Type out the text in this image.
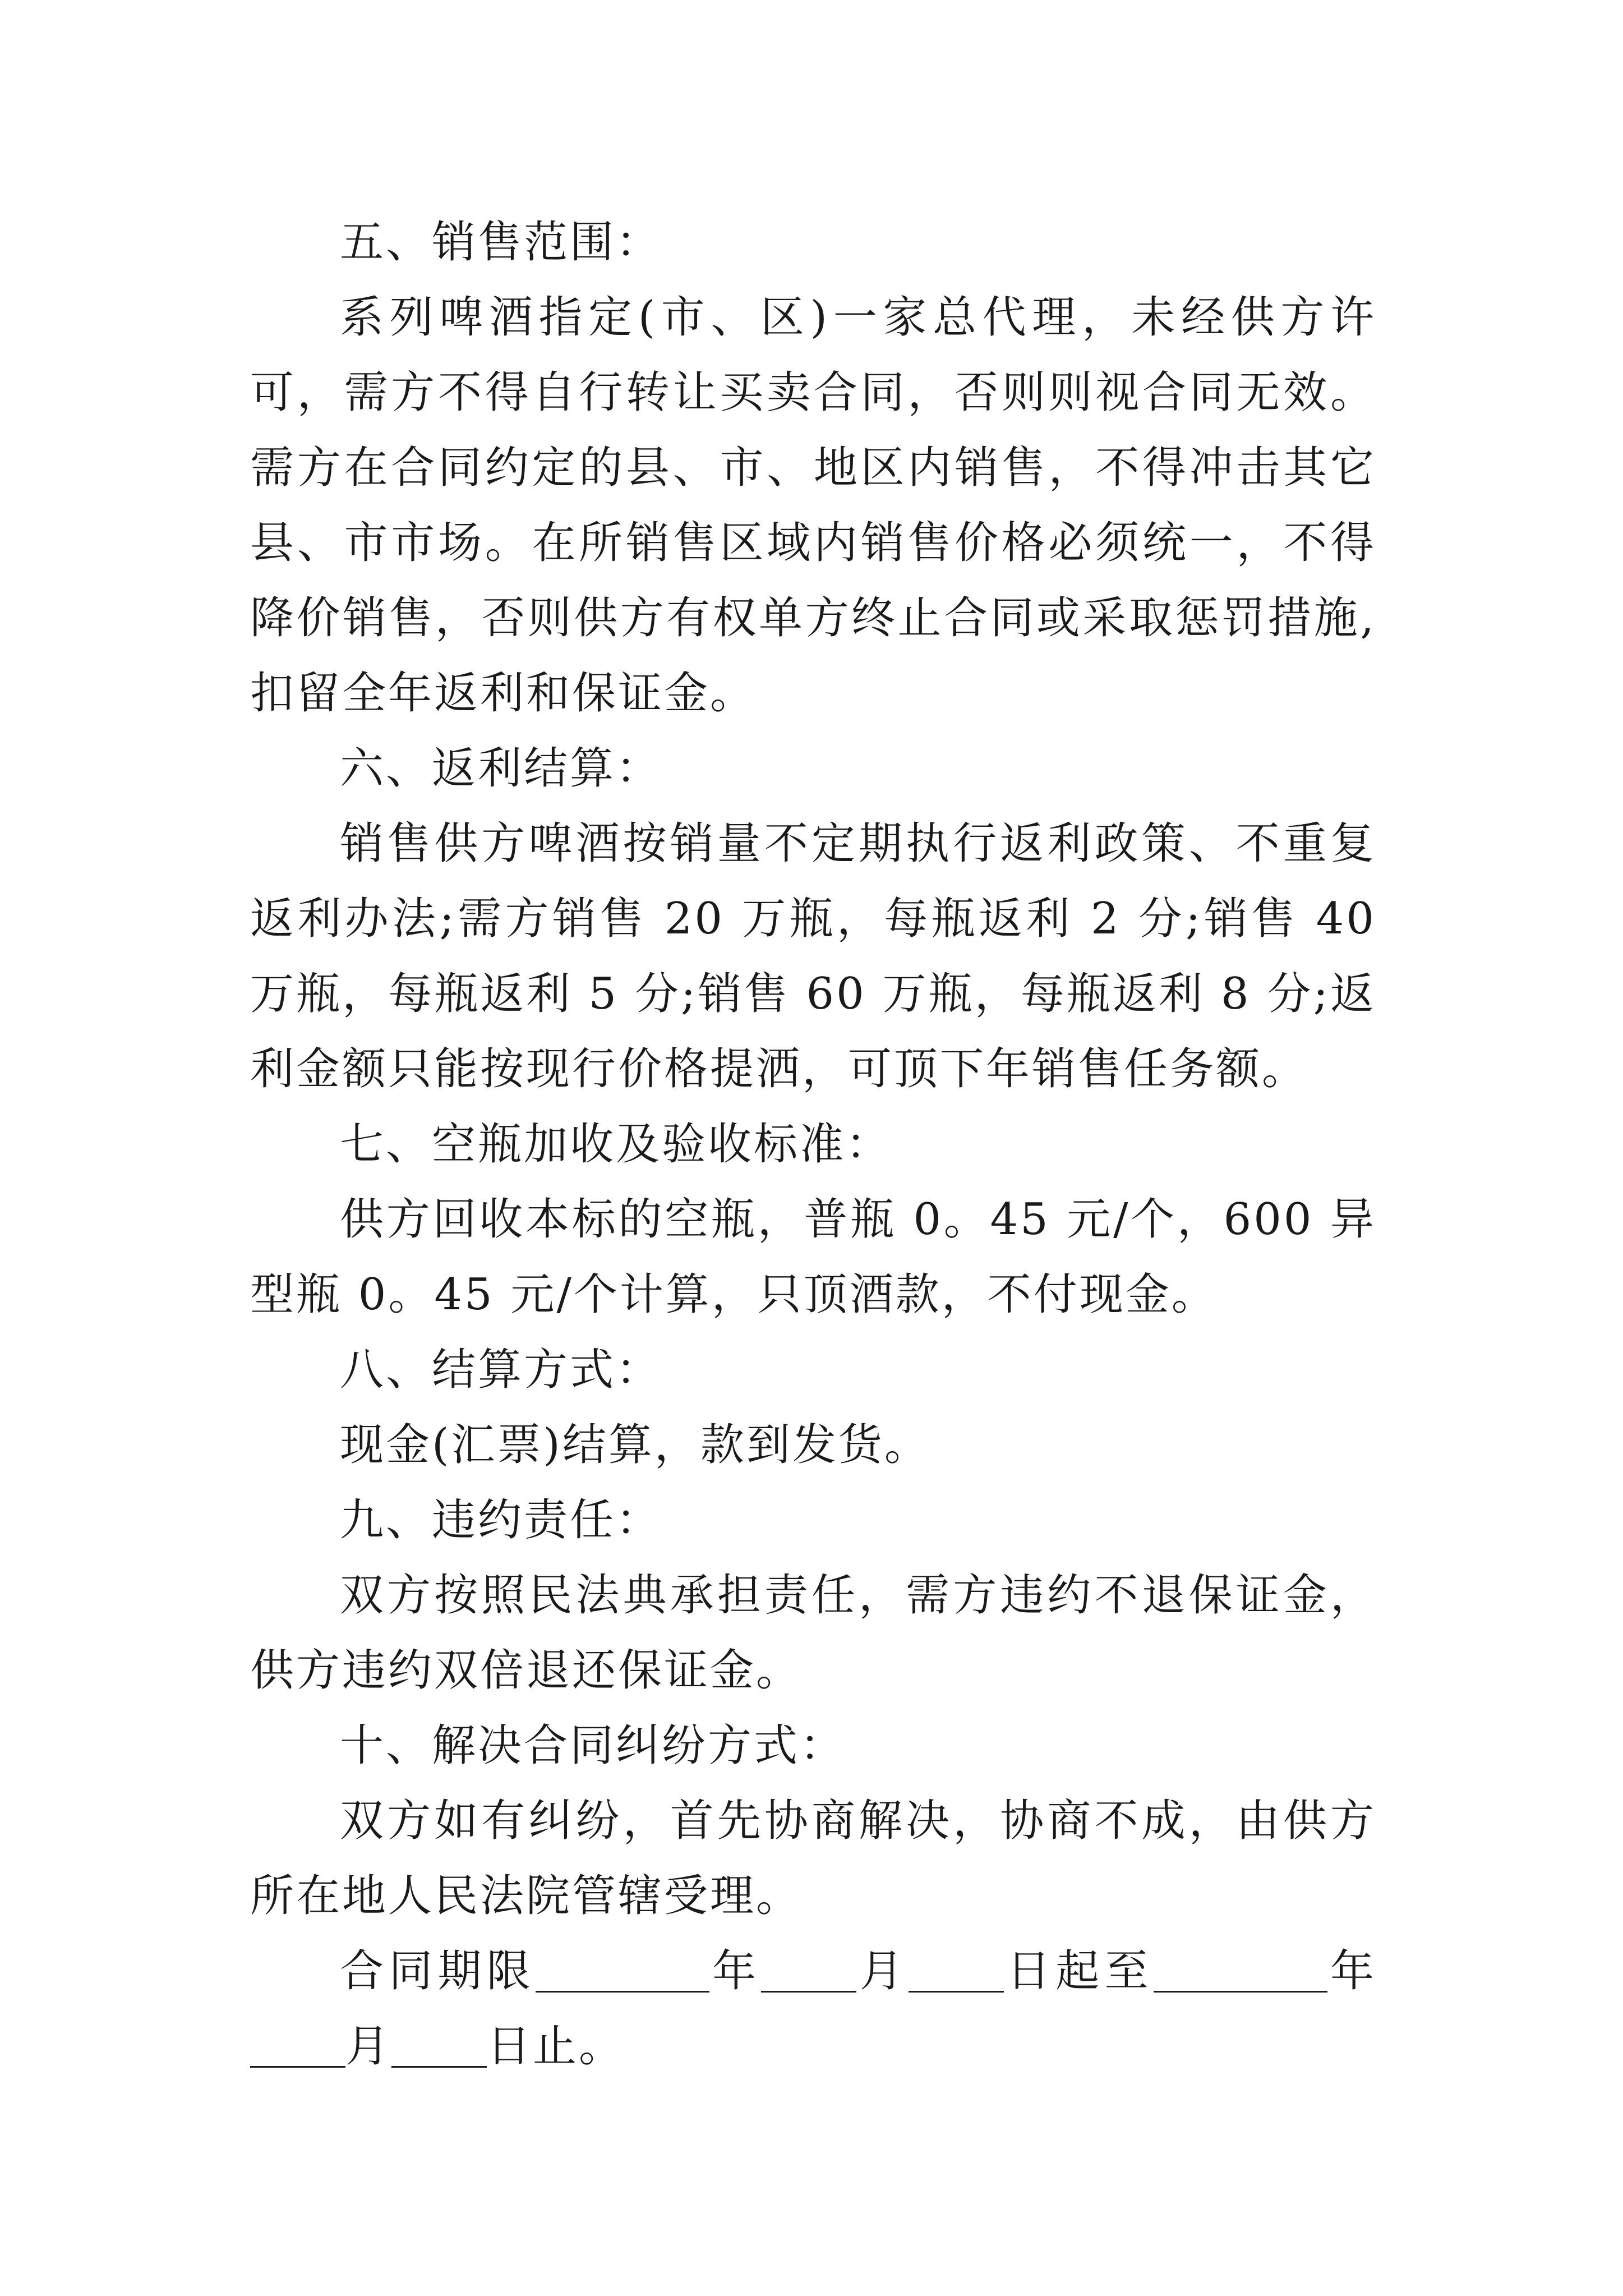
五、销售范围：

系列啤酒指定(市、区)一家总代理，未经供方许可，需方不得自行转让买卖合同，否则则视合同无效。需方在合同约定的县、市、地区内销售，不得冲击其它县、市市场。在所销售区域内销售价格必须统一，不得降价销售，否则供方有权单方终止合同或采取惩罚措施,扣留全年返利和保证金。

六、返利结算：

销售供方啤酒按销量不定期执行返利政策、不重复返利办法;需方销售 20 万瓶，每瓶返利 2 分;销售 40 万瓶，每瓶返利 5 分;销售 60 万瓶，每瓶返利 8 分;返利金额只能按现行价格提洒，可顶下年销售任务额。

七、空瓶加收及验收标准：

供方回收本标的空瓶，普瓶 0。45 元/个，600 异型瓶 0。45 元/个计算，只顶酒款，不付现金。

八、结算方式：

现金(汇票)结算，款到发货。

九、违约责任：

双方按照民法典承担责任，需方违约不退保证金，供方违约双倍退还保证金。

十、解决合同纠纷方式：

双方如有纠纷，首先协商解决，协商不成，由供方所在地人民法院管辖受理。

合同期限	年 月 日起至	年月 日止。
